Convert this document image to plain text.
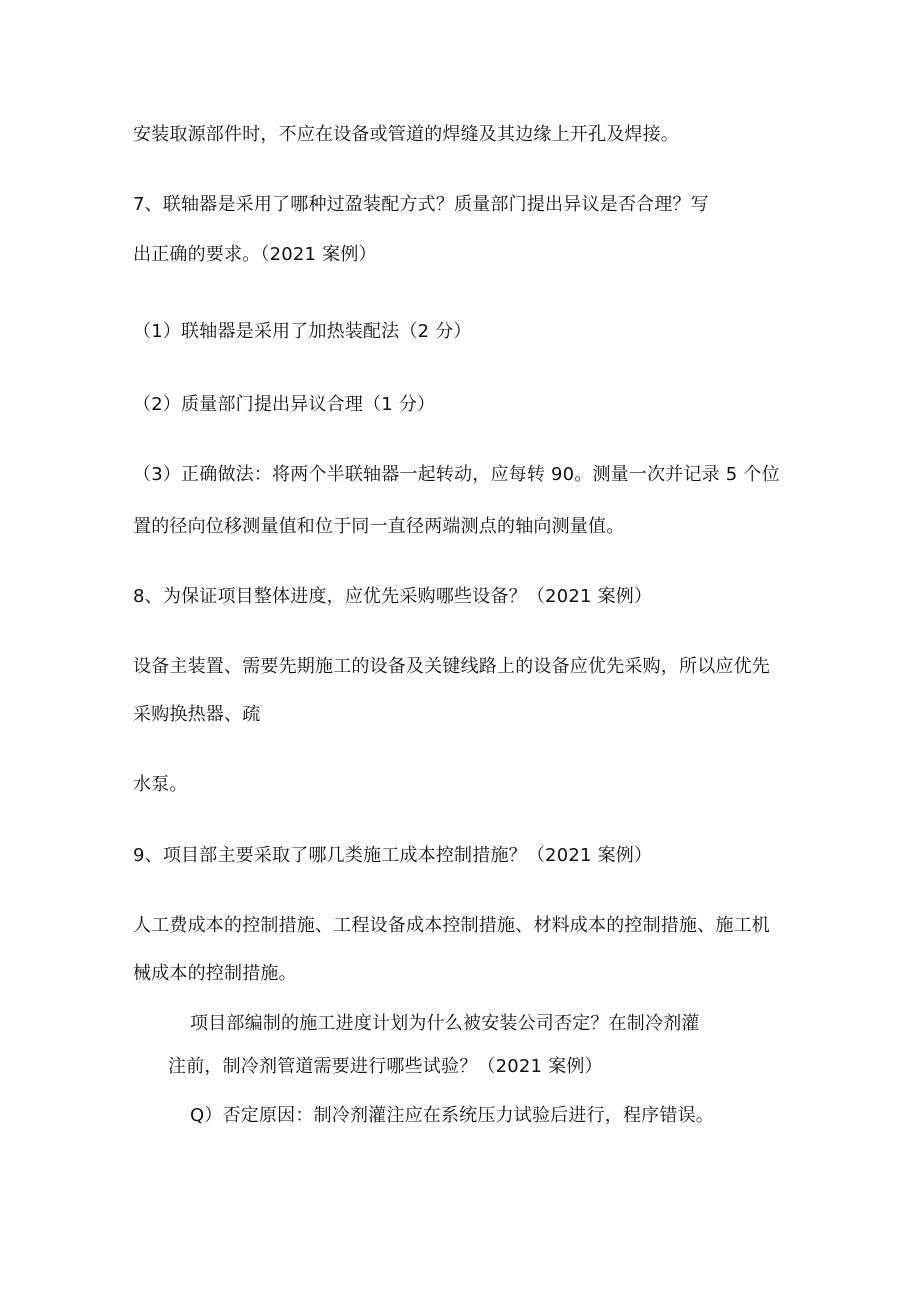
安装取源部件时，不应在设备或管道的焊缝及其边缘上开孔及焊接。
7、联轴器是采用了哪种过盈装配方式？质量部门提出异议是否合理？写
出正确的要求。（2021 案例）
（1）联轴器是采用了加热装配法（2 分）
（2）质量部门提出异议合理（1 分）
（3）正确做法：将两个半联轴器一起转动，应每转 90。测量一次并记录 5 个位
置的径向位移测量值和位于同一直径两端测点的轴向测量值。
8、为保证项目整体进度，应优先采购哪些设备？（2021 案例）
设备主装置、需要先期施工的设备及关键线路上的设备应优先采购，所以应优先
采购换热器、疏
水泵。
9、项目部主要采取了哪几类施工成本控制措施？（2021 案例）
人工费成本的控制措施、工程设备成本控制措施、材料成本的控制措施、施工机
械成本的控制措施。
项目部编制的施工进度计划为什么被安装公司否定？在制冷剂灌
注前，制冷剂管道需要进行哪些试验？（2021 案例）
Q）否定原因：制冷剂灌注应在系统压力试验后进行，程序错误。
